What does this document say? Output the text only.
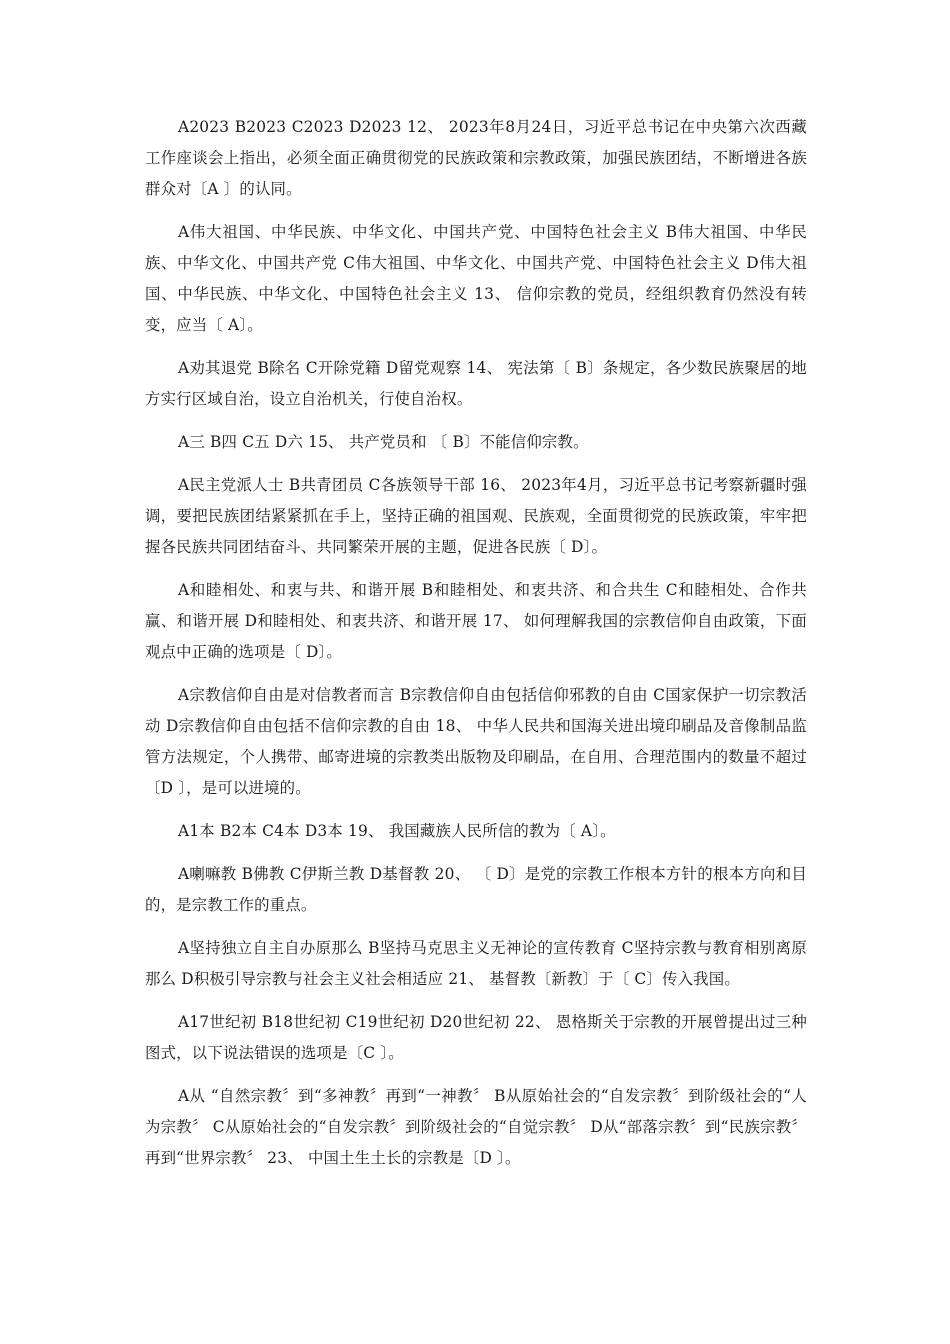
A2023 B2023 C2023 D2023 12、 2023年8月24日，习近平总书记在中央第六次西藏工作座谈会上指出，必须全面正确贯彻党的民族政策和宗教政策，加强民族团结，不断增进各族群众对〔A 〕的认同。

A伟大祖国、中华民族、中华文化、中国共产党、中国特色社会主义 B伟大祖国、中华民族、中华文化、中国共产党 C伟大祖国、中华文化、中国共产党、中国特色社会主义 D伟大祖国、中华民族、中华文化、中国特色社会主义 13、 信仰宗教的党员，经组织教育仍然没有转变，应当〔 A〕。

A劝其退党 B除名 C开除党籍 D留党观察 14、 宪法第〔 B〕条规定，各少数民族聚居的地方实行区域自治，设立自治机关，行使自治权。

A三 B四 C五 D六 15、 共产党员和 〔 B〕不能信仰宗教。

A民主党派人士 B共青团员 C各族领导干部 16、 2023年4月，习近平总书记考察新疆时强调，要把民族团结紧紧抓在手上，坚持正确的祖国观、民族观，全面贯彻党的民族政策，牢牢把握各民族共同团结奋斗、共同繁荣开展的主题，促进各民族〔 D〕。

A和睦相处、和衷与共、和谐开展 B和睦相处、和衷共济、和合共生 C和睦相处、合作共赢、和谐开展 D和睦相处、和衷共济、和谐开展 17、 如何理解我国的宗教信仰自由政策，下面观点中正确的选项是〔 D〕。

A宗教信仰自由是对信教者而言 B宗教信仰自由包括信仰邪教的自由 C国家保护一切宗教活动 D宗教信仰自由包括不信仰宗教的自由 18、 中华人民共和国海关进出境印刷品及音像制品监管方法规定，个人携带、邮寄进境的宗教类出版物及印刷品，在自用、合理范围内的数量不超过〔D 〕，是可以进境的。

A1本 B2本 C4本 D3本 19、 我国藏族人民所信的教为〔 A〕。

A喇嘛教 B佛教 C伊斯兰教 D基督教 20、 〔 D〕是党的宗教工作根本方针的根本方向和目的，是宗教工作的重点。

A坚持独立自主自办原那么 B坚持马克思主义无神论的宣传教育 C坚持宗教与教育相别离原那么 D积极引导宗教与社会主义社会相适应 21、 基督教〔新教〕于〔 C〕传入我国。

A17世纪初 B18世纪初 C19世纪初 D20世纪初 22、 恩格斯关于宗教的开展曾提出过三种图式，以下说法错误的选项是〔C 〕。

A从 “自然宗教〞到“多神教〞再到“一神教〞 B从原始社会的“自发宗教〞到阶级社会的“人为宗教〞 C从原始社会的“自发宗教〞到阶级社会的“自觉宗教〞 D从“部落宗教〞到“民族宗教〞再到“世界宗教〞 23、 中国土生土长的宗教是〔D 〕。
